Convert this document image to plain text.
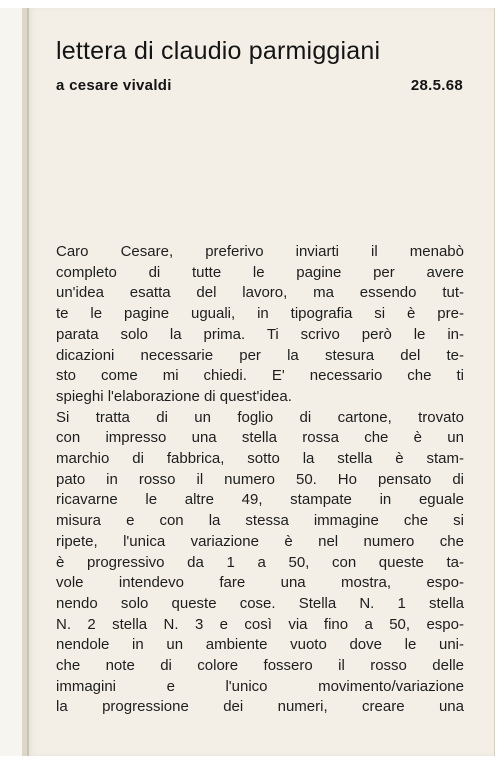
lettera di claudio parmiggiani
a cesare vivaldi	28.5.68

Caro Cesare, preferivo inviarti il menabò

completo di tutte le pagine per avere

un'idea esatta del lavoro, ma essendo tut-

te le pagine uguali, in tipografia si è pre-

parata solo la prima. Ti scrivo però le in-

dicazioni necessarie per la stesura del te-

sto come mi chiedi. E' necessario che ti

spieghi l'elaborazione di quest'idea.

Si tratta di un foglio di cartone, trovato

con impresso una stella rossa che è un

marchio di fabbrica, sotto la stella è stam-

pato in rosso il numero 50. Ho pensato di

ricavarne le altre 49, stampate in eguale

misura e con la stessa immagine che si

ripete, l'unica variazione è nel numero che

è progressivo da 1 a 50, con queste ta-

vole intendevo fare una mostra, espo-

nendo solo queste cose. Stella N. 1 stella

N. 2 stella N. 3 e così via fino a 50, espo-

nendole in un ambiente vuoto dove le uni-

che note di colore fossero il rosso delle

immagini e l'unico movimento/variazione

la progressione dei numeri, creare una
